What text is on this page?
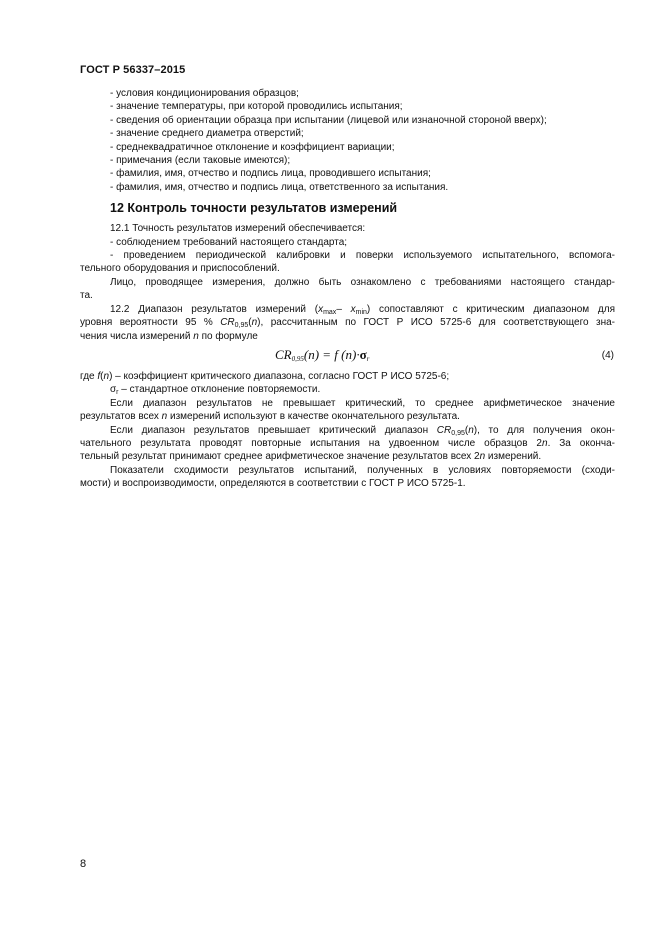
ГОСТ Р 56337–2015
- условия кондиционирования образцов;
- значение температуры, при которой проводились испытания;
- сведения об ориентации образца при испытании (лицевой или изнаночной стороной вверх);
- значение среднего диаметра отверстий;
- среднеквадратичное отклонение и коэффициент вариации;
- примечания (если таковые имеются);
- фамилия, имя, отчество и подпись лица, проводившего испытания;
- фамилия, имя, отчество и подпись лица, ответственного за испытания.
12 Контроль точности результатов измерений
12.1 Точность результатов измерений обеспечивается:
- соблюдением требований настоящего стандарта;
- проведением периодической калибровки и поверки используемого испытательного, вспомога-
тельного оборудования и приспособлений.
Лицо, проводящее измерения, должно быть ознакомлено с требованиями настоящего стандар-
та.
12.2 Диапазон результатов измерений ($x_{max}-$ $x_{min}$) сопоставляют с критическим диапазоном для
уровня вероятности 95 % $CR_{0,95}(n)$, рассчитанным по ГОСТ Р ИСО 5725-6 для соответствующего зна-
чения числа измерений n по формуле
$CR_{0,95}(n) = f$ $(n)\cdot\sigma_r$	(4)
где f(n) – коэффициент критического диапазона, согласно ГОСТ Р ИСО 5725-6;
$\sigma_r$ – стандартное отклонение повторяемости.
Если диапазон результатов не превышает критический, то среднее арифметическое значение
результатов всех n измерений используют в качестве окончательного результата.
Если диапазон результатов превышает критический диапазон $CR_{0,95}(n)$, то для получения окон-
чательного результата проводят повторные испытания на удвоенном числе образцов 2n. За оконча-
тельный результат принимают среднее арифметическое значение результатов всех 2n измерений.
Показатели сходимости результатов испытаний, полученных в условиях повторяемости (сходи-
мости) и воспроизводимости, определяются в соответствии с ГОСТ Р ИСО 5725-1.
8
